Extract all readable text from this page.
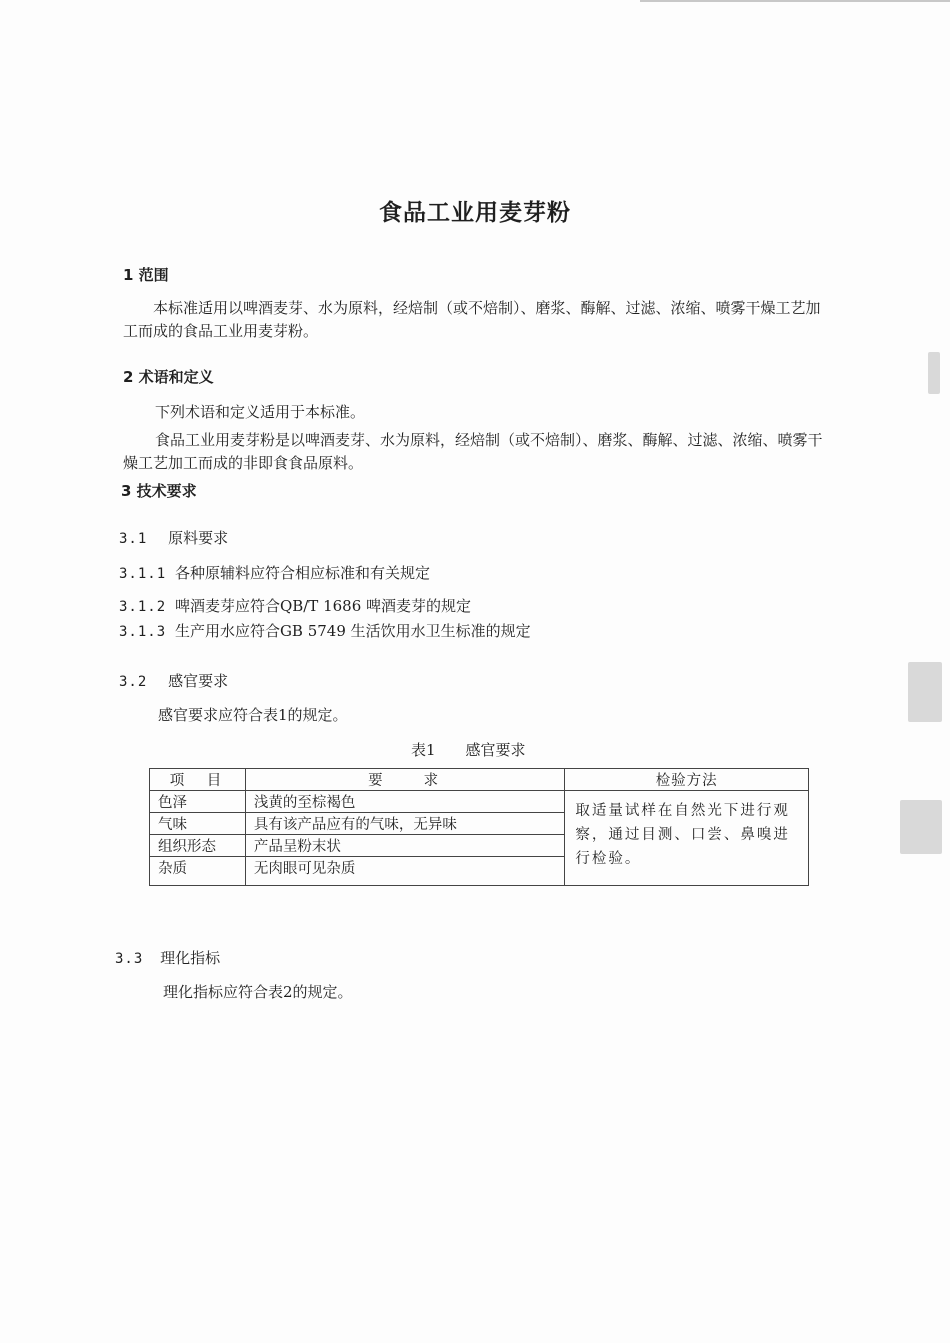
食品工业用麦芽粉
1 范围
本标准适用以啤酒麦芽、水为原料，经焙制（或不焙制）、磨浆、酶解、过滤、浓缩、喷雾干燥工艺加工而成的食品工业用麦芽粉。
2 术语和定义
下列术语和定义适用于本标准。
食品工业用麦芽粉是以啤酒麦芽、水为原料，经焙制（或不焙制）、磨浆、酶解、过滤、浓缩、喷雾干燥工艺加工而成的非即食食品原料。
3 技术要求
3.1 原料要求
3.1.1 各种原辅料应符合相应标准和有关规定
3.1.2 啤酒麦芽应符合QB/T 1686 啤酒麦芽的规定
3.1.3 生产用水应符合GB 5749 生活饮用水卫生标准的规定
3.2 感官要求
感官要求应符合表1的规定。
表1　　感官要求
项　目	要　　求	检验方法
色泽	浅黄的至棕褐色	取适量试样在自然光下进行观察，通过目测、口尝、鼻嗅进行检验。
气味	具有该产品应有的气味，无异味	
组织形态	产品呈粉末状	
杂质	无肉眼可见杂质	
3.3 理化指标
理化指标应符合表2的规定。
